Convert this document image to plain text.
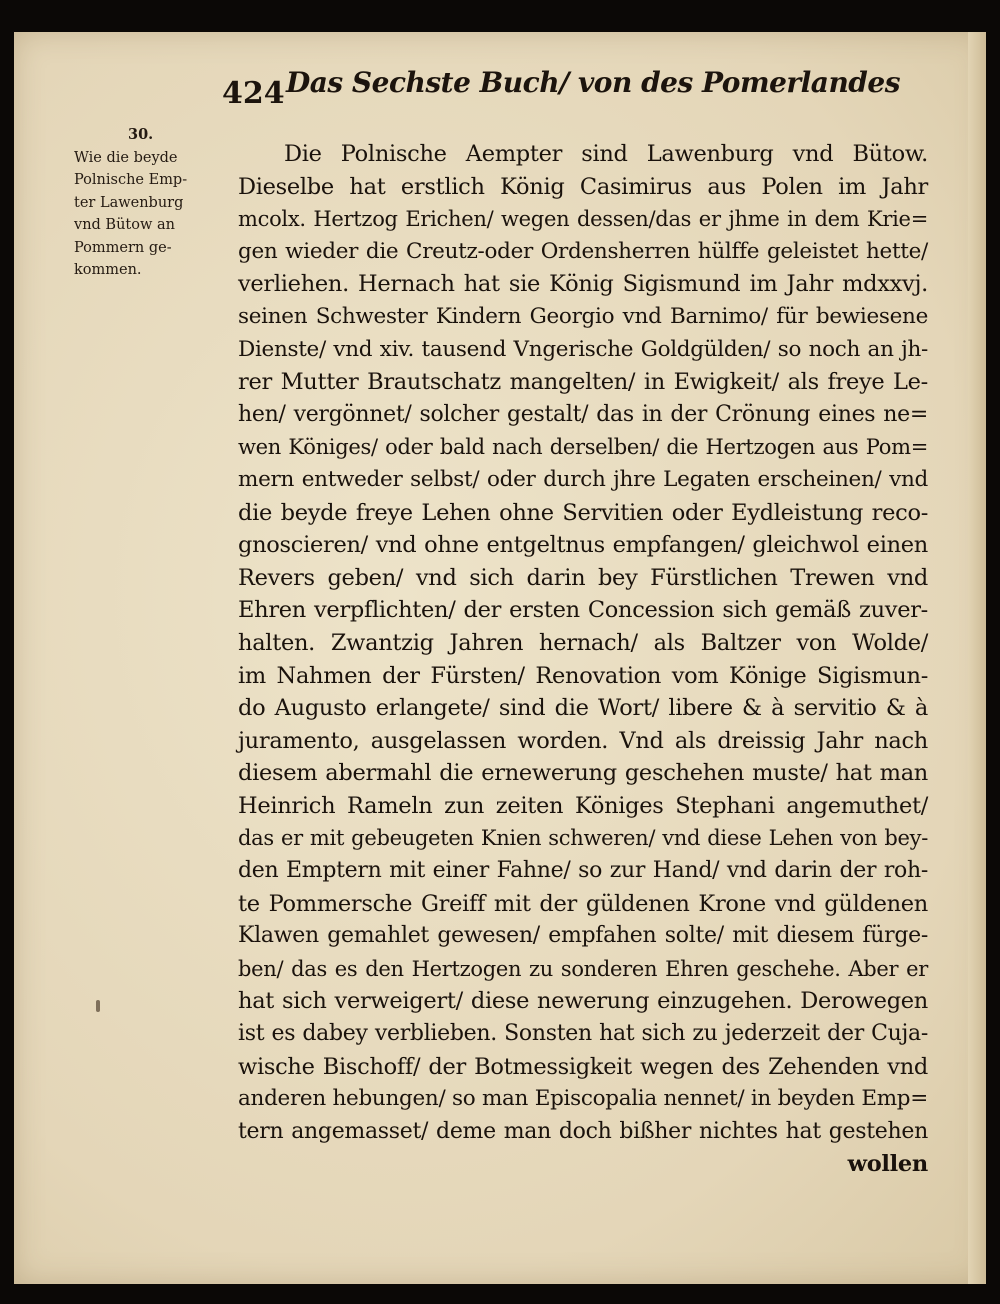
424 Das Sechste Buch/ von des Pomerlandes
30.
Wie die beyde
Polnische Emp-
ter Lawenburg
vnd Bütow an
Pommern ge-
kommen.
Die Polnische Aempter sind Lawenburg vnd Bütow.
Dieselbe hat erstlich König Casimirus aus Polen im Jahr
mcolx. Hertzog Erichen/ wegen dessen/das er jhme in dem Krie=
gen wieder die Creutz-oder Ordensherren hülffe geleistet hette/
verliehen. Hernach hat sie König Sigismund im Jahr mdxxvj.
seinen Schwester Kindern Georgio vnd Barnimo/ für bewiesene
Dienste/ vnd xiv. tausend Vngerische Goldgülden/ so noch an jh-
rer Mutter Brautschatz mangelten/ in Ewigkeit/ als freye Le-
hen/ vergönnet/ solcher gestalt/ das in der Crönung eines ne=
wen Königes/ oder bald nach derselben/ die Hertzogen aus Pom=
mern entweder selbst/ oder durch jhre Legaten erscheinen/ vnd
die beyde freye Lehen ohne Servitien oder Eydleistung reco-
gnoscieren/ vnd ohne entgeltnus empfangen/ gleichwol einen
Revers geben/ vnd sich darin bey Fürstlichen Trewen vnd
Ehren verpflichten/ der ersten Concession sich gemäß zuver-
halten. Zwantzig Jahren hernach/ als Baltzer von Wolde/
im Nahmen der Fürsten/ Renovation vom Könige Sigismun-
do Augusto erlangete/ sind die Wort/ libere & à servitio & à
juramento, ausgelassen worden. Vnd als dreissig Jahr nach
diesem abermahl die ernewerung geschehen muste/ hat man
Heinrich Rameln zun zeiten Königes Stephani angemuthet/
das er mit gebeugeten Knien schweren/ vnd diese Lehen von bey-
den Emptern mit einer Fahne/ so zur Hand/ vnd darin der roh-
te Pommersche Greiff mit der güldenen Krone vnd güldenen
Klawen gemahlet gewesen/ empfahen solte/ mit diesem fürge-
ben/ das es den Hertzogen zu sonderen Ehren geschehe. Aber er
hat sich verweigert/ diese newerung einzugehen. Derowegen
ist es dabey verblieben. Sonsten hat sich zu jederzeit der Cuja-
wische Bischoff/ der Botmessigkeit wegen des Zehenden vnd
anderen hebungen/ so man Episcopalia nennet/ in beyden Emp=
tern angemasset/ deme man doch bißher nichtes hat gestehen
wollen
